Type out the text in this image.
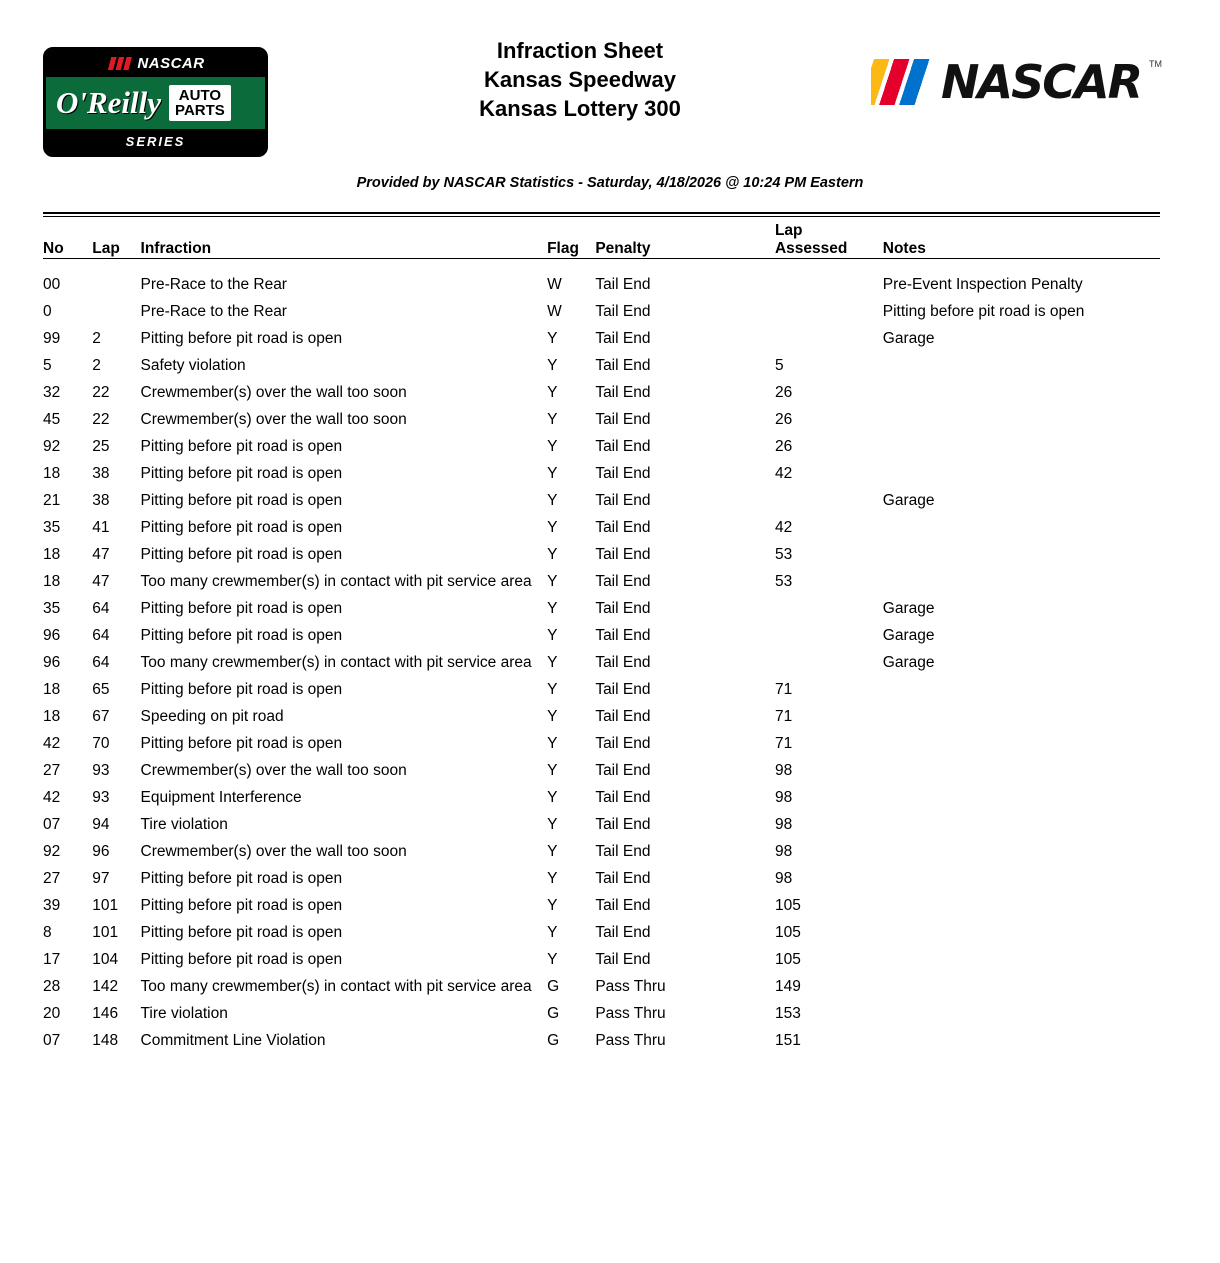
NASCAR
O'Reilly	AUTO
PARTS
SERIES
Infraction Sheet
Kansas Speedway
Kansas Lottery 300	NASCAR TM
Provided by NASCAR Statistics - Saturday, 4/18/2026 @ 10:24 PM Eastern
No	Lap	Infraction	Flag	Penalty	Lap
Assessed	Notes
00		Pre-Race to the Rear	W	Tail End		Pre-Event Inspection Penalty
0		Pre-Race to the Rear	W	Tail End		Pitting before pit road is open
99	2	Pitting before pit road is open	Y	Tail End		Garage
5	2	Safety violation	Y	Tail End	5	
32	22	Crewmember(s) over the wall too soon	Y	Tail End	26	
45	22	Crewmember(s) over the wall too soon	Y	Tail End	26	
92	25	Pitting before pit road is open	Y	Tail End	26	
18	38	Pitting before pit road is open	Y	Tail End	42	
21	38	Pitting before pit road is open	Y	Tail End		Garage
35	41	Pitting before pit road is open	Y	Tail End	42	
18	47	Pitting before pit road is open	Y	Tail End	53	
18	47	Too many crewmember(s) in contact with pit service area	Y	Tail End	53	
35	64	Pitting before pit road is open	Y	Tail End		Garage
96	64	Pitting before pit road is open	Y	Tail End		Garage
96	64	Too many crewmember(s) in contact with pit service area	Y	Tail End		Garage
18	65	Pitting before pit road is open	Y	Tail End	71	
18	67	Speeding on pit road	Y	Tail End	71	
42	70	Pitting before pit road is open	Y	Tail End	71	
27	93	Crewmember(s) over the wall too soon	Y	Tail End	98	
42	93	Equipment Interference	Y	Tail End	98	
07	94	Tire violation	Y	Tail End	98	
92	96	Crewmember(s) over the wall too soon	Y	Tail End	98	
27	97	Pitting before pit road is open	Y	Tail End	98	
39	101	Pitting before pit road is open	Y	Tail End	105	
8	101	Pitting before pit road is open	Y	Tail End	105	
17	104	Pitting before pit road is open	Y	Tail End	105	
28	142	Too many crewmember(s) in contact with pit service area	G	Pass Thru	149	
20	146	Tire violation	G	Pass Thru	153	
07	148	Commitment Line Violation	G	Pass Thru	151	
